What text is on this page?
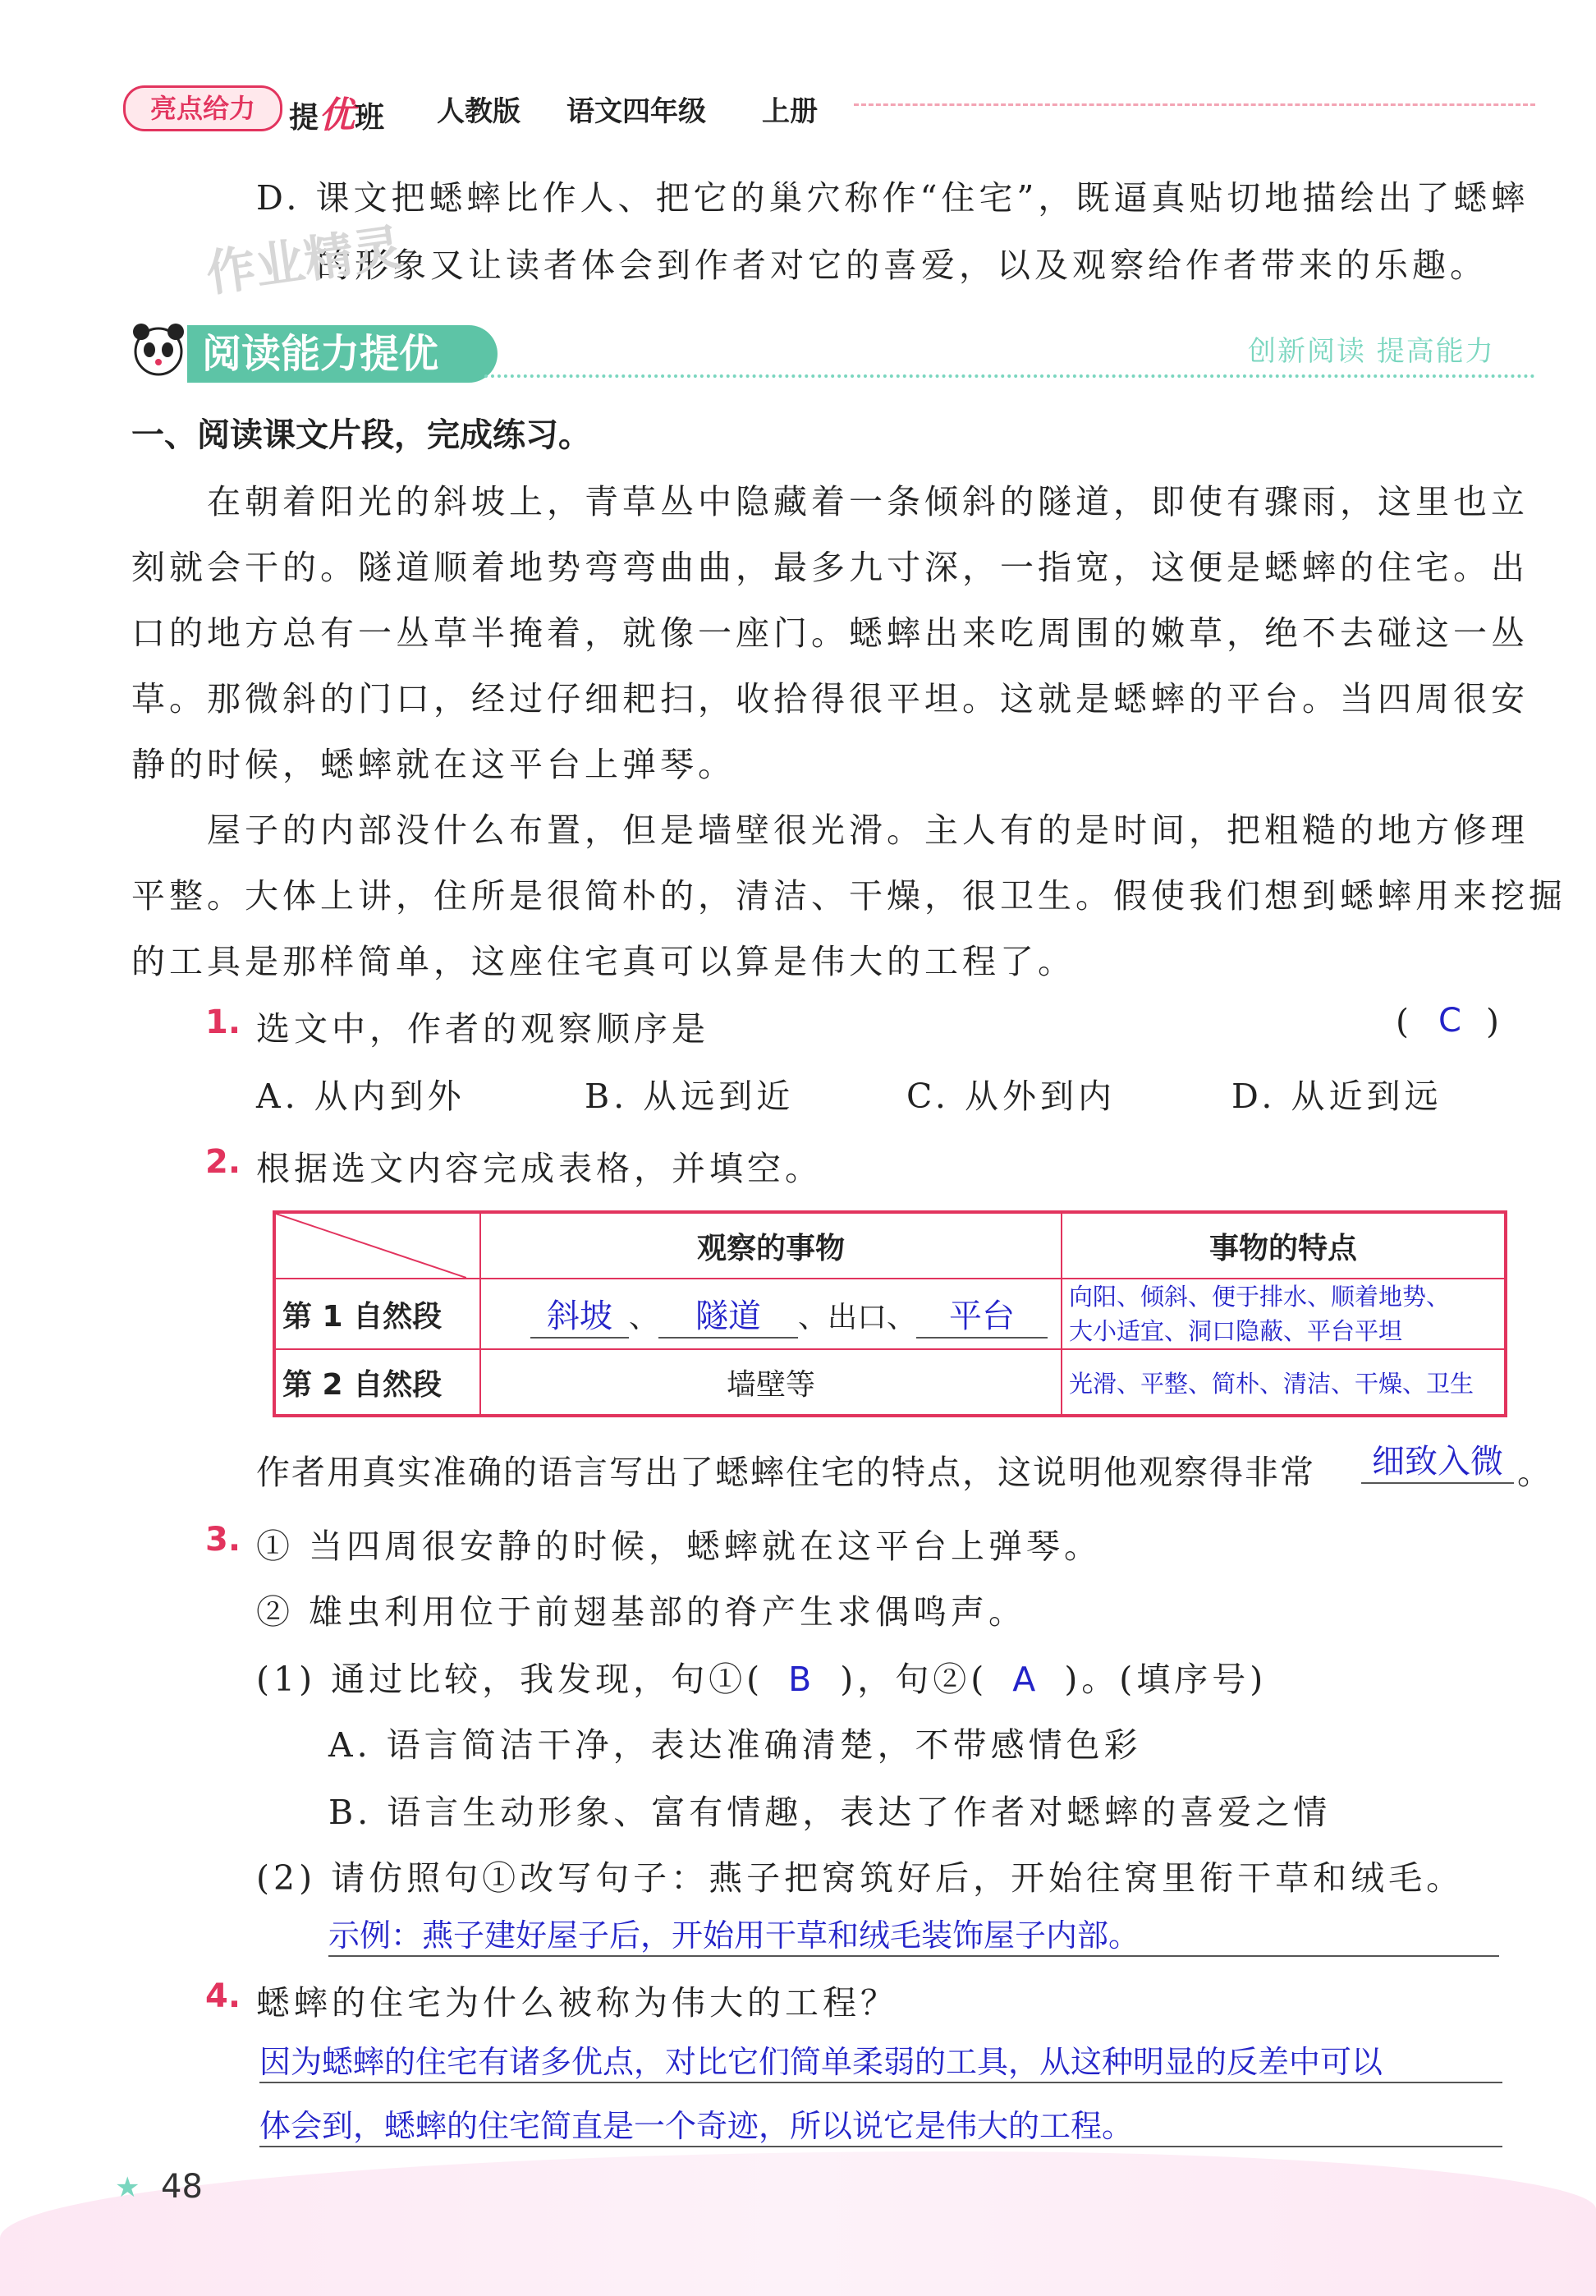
亮点给力	提优班 人教版 语文四年级 上册
D. 课文把蟋蟀比作人、把它的巢穴称作“住宅”，既逼真贴切地描绘出了蟋蟀
的形象又让读者体会到作者对它的喜爱，以及观察给作者带来的乐趣。
作业精灵
阅读能力提优	创新阅读 提高能力
一、阅读课文片段，完成练习。
在朝着阳光的斜坡上，青草丛中隐藏着一条倾斜的隧道，即使有骤雨，这里也立
刻就会干的。隧道顺着地势弯弯曲曲，最多九寸深，一指宽，这便是蟋蟀的住宅。出
口的地方总有一丛草半掩着，就像一座门。蟋蟀出来吃周围的嫩草，绝不去碰这一丛
草。那微斜的门口，经过仔细耙扫，收拾得很平坦。这就是蟋蟀的平台。当四周很安
静的时候，蟋蟀就在这平台上弹琴。
屋子的内部没什么布置，但是墙壁很光滑。主人有的是时间，把粗糙的地方修理
平整。大体上讲，住所是很简朴的，清洁、干燥，很卫生。假使我们想到蟋蟀用来挖掘
的工具是那样简单，这座住宅真可以算是伟大的工程了。
1. 选文中，作者的观察顺序是	( C )
A. 从内到外	B. 从远到近	C. 从外到内	D. 从近到远
2. 根据选文内容完成表格，并填空。
	观察的事物	事物的特点
第 1 自然段	斜坡 、 隧道 、出口、 平台	向阳、倾斜、便于排水、顺着地势、
大小适宜、洞口隐蔽、平台平坦

第 2 自然段	墙壁等	光滑、平整、简朴、清洁、干燥、卫生
作者用真实准确的语言写出了蟋蟀住宅的特点，这说明他观察得非常	细致入微 。
3. ① 当四周很安静的时候，蟋蟀就在这平台上弹琴。
② 雄虫利用位于前翅基部的脊产生求偶鸣声。
(1) 通过比较，我发现，句①( B )，句②( A )。(填序号)
A. 语言简洁干净，表达准确清楚，不带感情色彩
B. 语言生动形象、富有情趣，表达了作者对蟋蟀的喜爱之情
(2) 请仿照句①改写句子：燕子把窝筑好后，开始往窝里衔干草和绒毛。
示例：燕子建好屋子后，开始用干草和绒毛装饰屋子内部。
4. 蟋蟀的住宅为什么被称为伟大的工程？
因为蟋蟀的住宅有诸多优点，对比它们简单柔弱的工具，从这种明显的反差中可以
体会到，蟋蟀的住宅简直是一个奇迹，所以说它是伟大的工程。
★ 48
